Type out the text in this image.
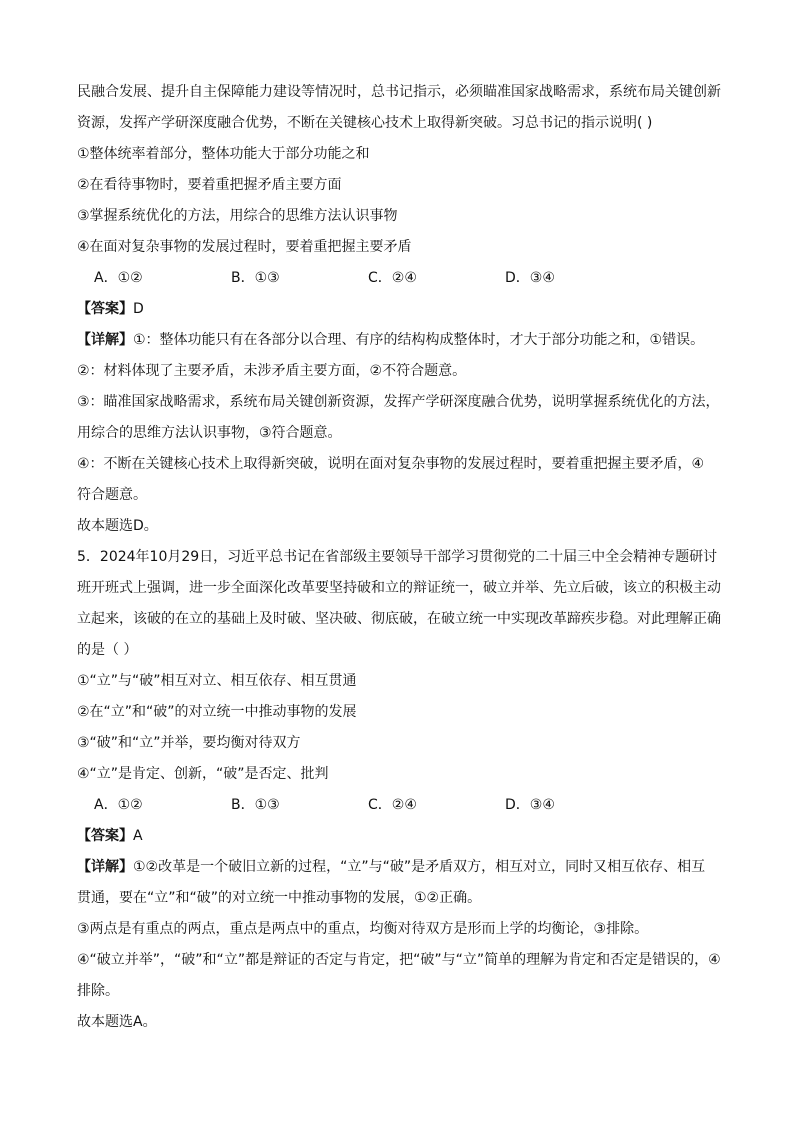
民融合发展、提升自主保障能力建设等情况时，总书记指示，必须瞄准国家战略需求，系统布局关键创新
资源，发挥产学研深度融合优势，不断在关键核心技术上取得新突破。习总书记的指示说明( )
①整体统率着部分，整体功能大于部分功能之和
②在看待事物时，要着重把握矛盾主要方面
③掌握系统优化的方法，用综合的思维方法认识事物
④在面对复杂事物的发展过程时，要着重把握主要矛盾
A．①②	B．①③	C．②④	D．③④
【答案】D
【详解】①：整体功能只有在各部分以合理、有序的结构构成整体时，才大于部分功能之和，①错误。
②：材料体现了主要矛盾，未涉矛盾主要方面，②不符合题意。
③：瞄准国家战略需求，系统布局关键创新资源，发挥产学研深度融合优势，说明掌握系统优化的方法，
用综合的思维方法认识事物，③符合题意。
④：不断在关键核心技术上取得新突破，说明在面对复杂事物的发展过程时，要着重把握主要矛盾，④
符合题意。
故本题选D。
5．2024年10月29日，习近平总书记在省部级主要领导干部学习贯彻党的二十届三中全会精神专题研讨
班开班式上强调，进一步全面深化改革要坚持破和立的辩证统一，破立并举、先立后破，该立的积极主动
立起来，该破的在立的基础上及时破、坚决破、彻底破，在破立统一中实现改革蹄疾步稳。对此理解正确
的是（ ）
①“立”与“破”相互对立、相互依存、相互贯通
②在“立”和“破”的对立统一中推动事物的发展
③“破”和“立”并举，要均衡对待双方
④“立”是肯定、创新，“破”是否定、批判
A．①②	B．①③	C．②④	D．③④
【答案】A
【详解】①②改革是一个破旧立新的过程，“立”与“破”是矛盾双方，相互对立，同时又相互依存、相互
贯通，要在“立”和“破”的对立统一中推动事物的发展，①②正确。
③两点是有重点的两点，重点是两点中的重点，均衡对待双方是形而上学的均衡论，③排除。
④“破立并举”，“破”和“立”都是辩证的否定与肯定，把“破”与“立”简单的理解为肯定和否定是错误的，④
排除。
故本题选A。
